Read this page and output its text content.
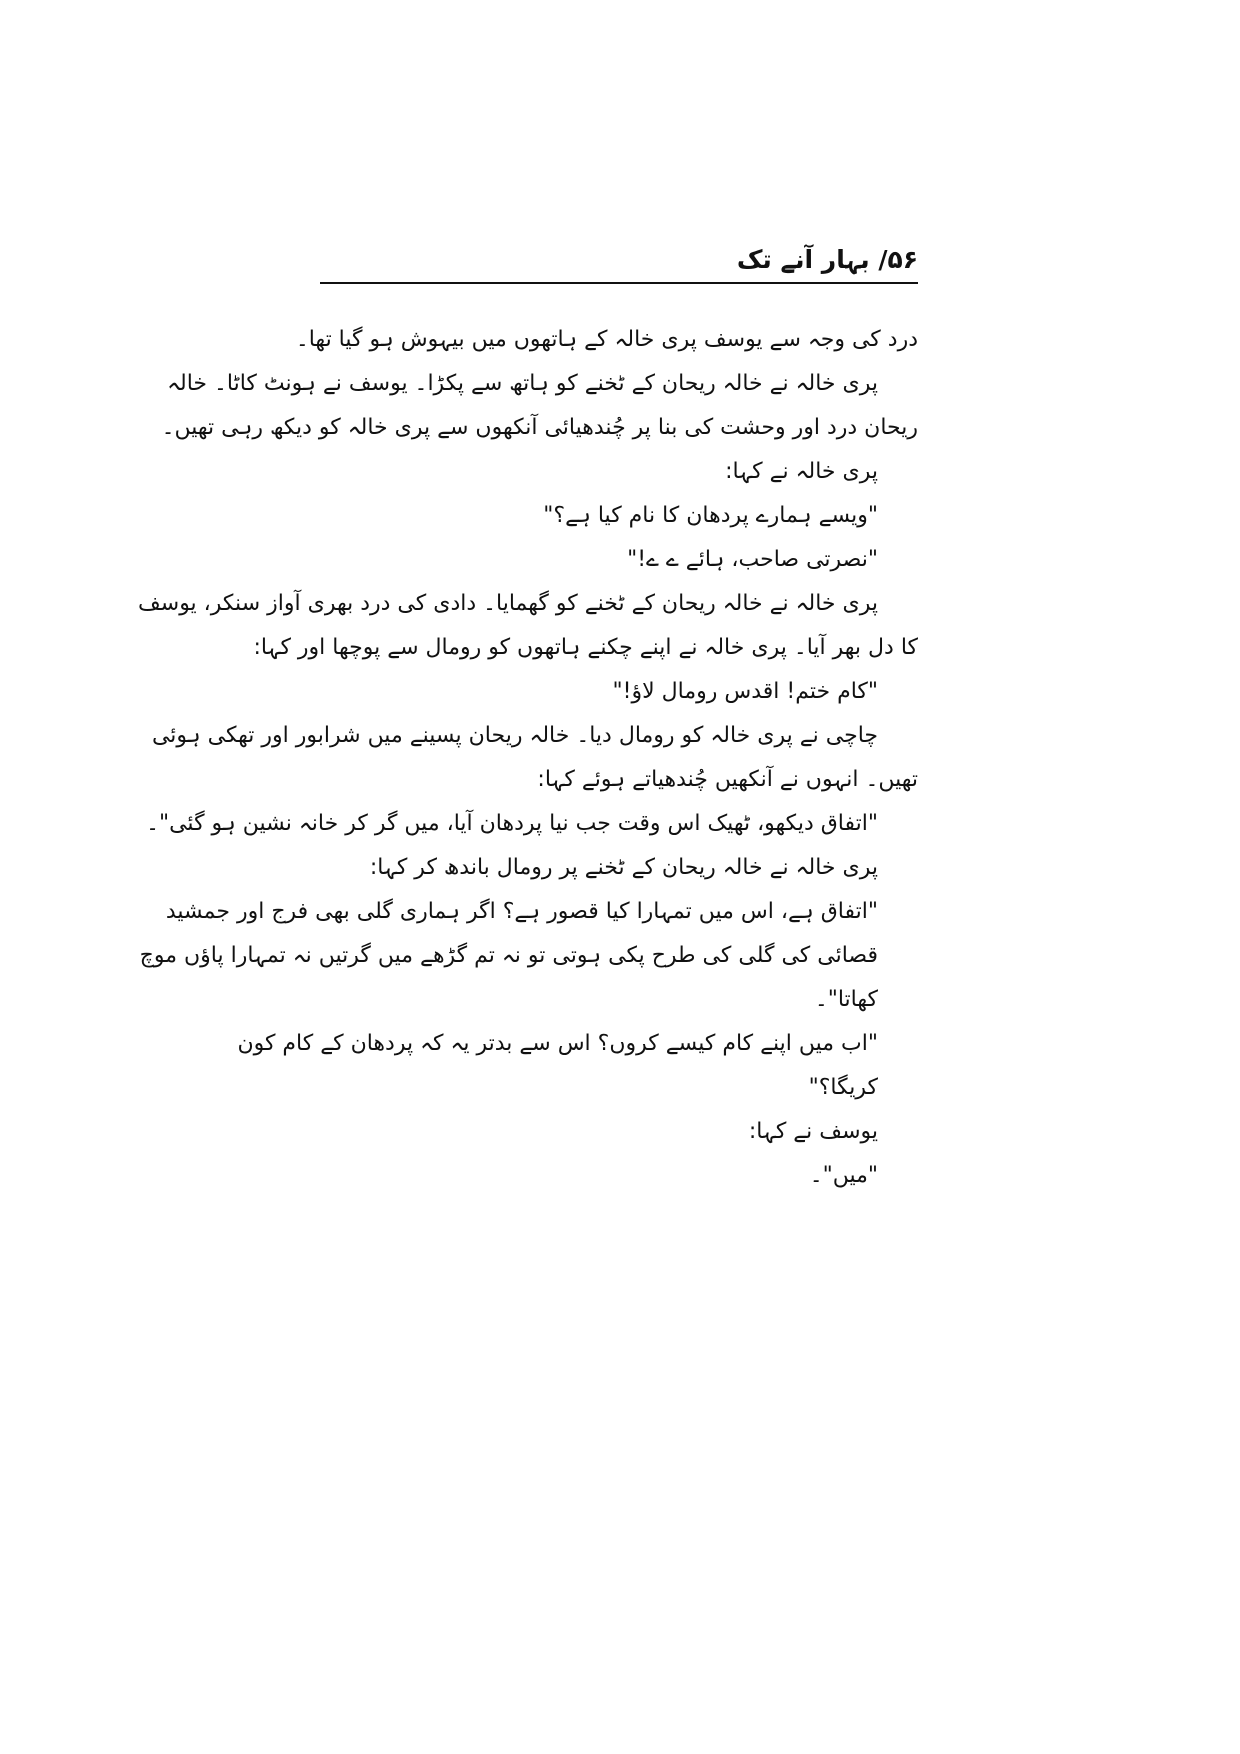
۵۶/ بہار آنے تک
درد کی وجہ سے یوسف پری خالہ کے ہاتھوں میں بیہوش ہو گیا تھا۔
پری خالہ نے خالہ ریحان کے ٹخنے کو ہاتھ سے پکڑا۔ یوسف نے ہونٹ کاٹا۔ خالہ
ریحان درد اور وحشت کی بنا پر چُندھیائی آنکھوں سے پری خالہ کو دیکھ رہی تھیں۔
پری خالہ نے کہا:
"ویسے ہمارے پردھان کا نام کیا ہے؟"
"نصرتی صاحب، ہائے ے ے!"
پری خالہ نے خالہ ریحان کے ٹخنے کو گھمایا۔ دادی کی درد بھری آواز سنکر، یوسف
کا دل بھر آیا۔ پری خالہ نے اپنے چکنے ہاتھوں کو رومال سے پوچھا اور کہا:
"کام ختم! اقدس رومال لاؤ!"
چاچی نے پری خالہ کو رومال دیا۔ خالہ ریحان پسینے میں شرابور اور تھکی ہوئی
تھیں۔ انہوں نے آنکھیں چُندھیاتے ہوئے کہا:
"اتفاق دیکھو، ٹھیک اس وقت جب نیا پردھان آیا، میں گر کر خانہ نشین ہو گئی"۔
پری خالہ نے خالہ ریحان کے ٹخنے پر رومال باندھ کر کہا:
"اتفاق ہے، اس میں تمہارا کیا قصور ہے؟ اگر ہماری گلی بھی فرج اور جمشید
قصائی کی گلی کی طرح پکی ہوتی تو نہ تم گڑھے میں گرتیں نہ تمہارا پاؤں موچ
کھاتا"۔
"اب میں اپنے کام کیسے کروں؟ اس سے بدتر یہ کہ پردھان کے کام کون
کریگا؟"
یوسف نے کہا:
"میں"۔
